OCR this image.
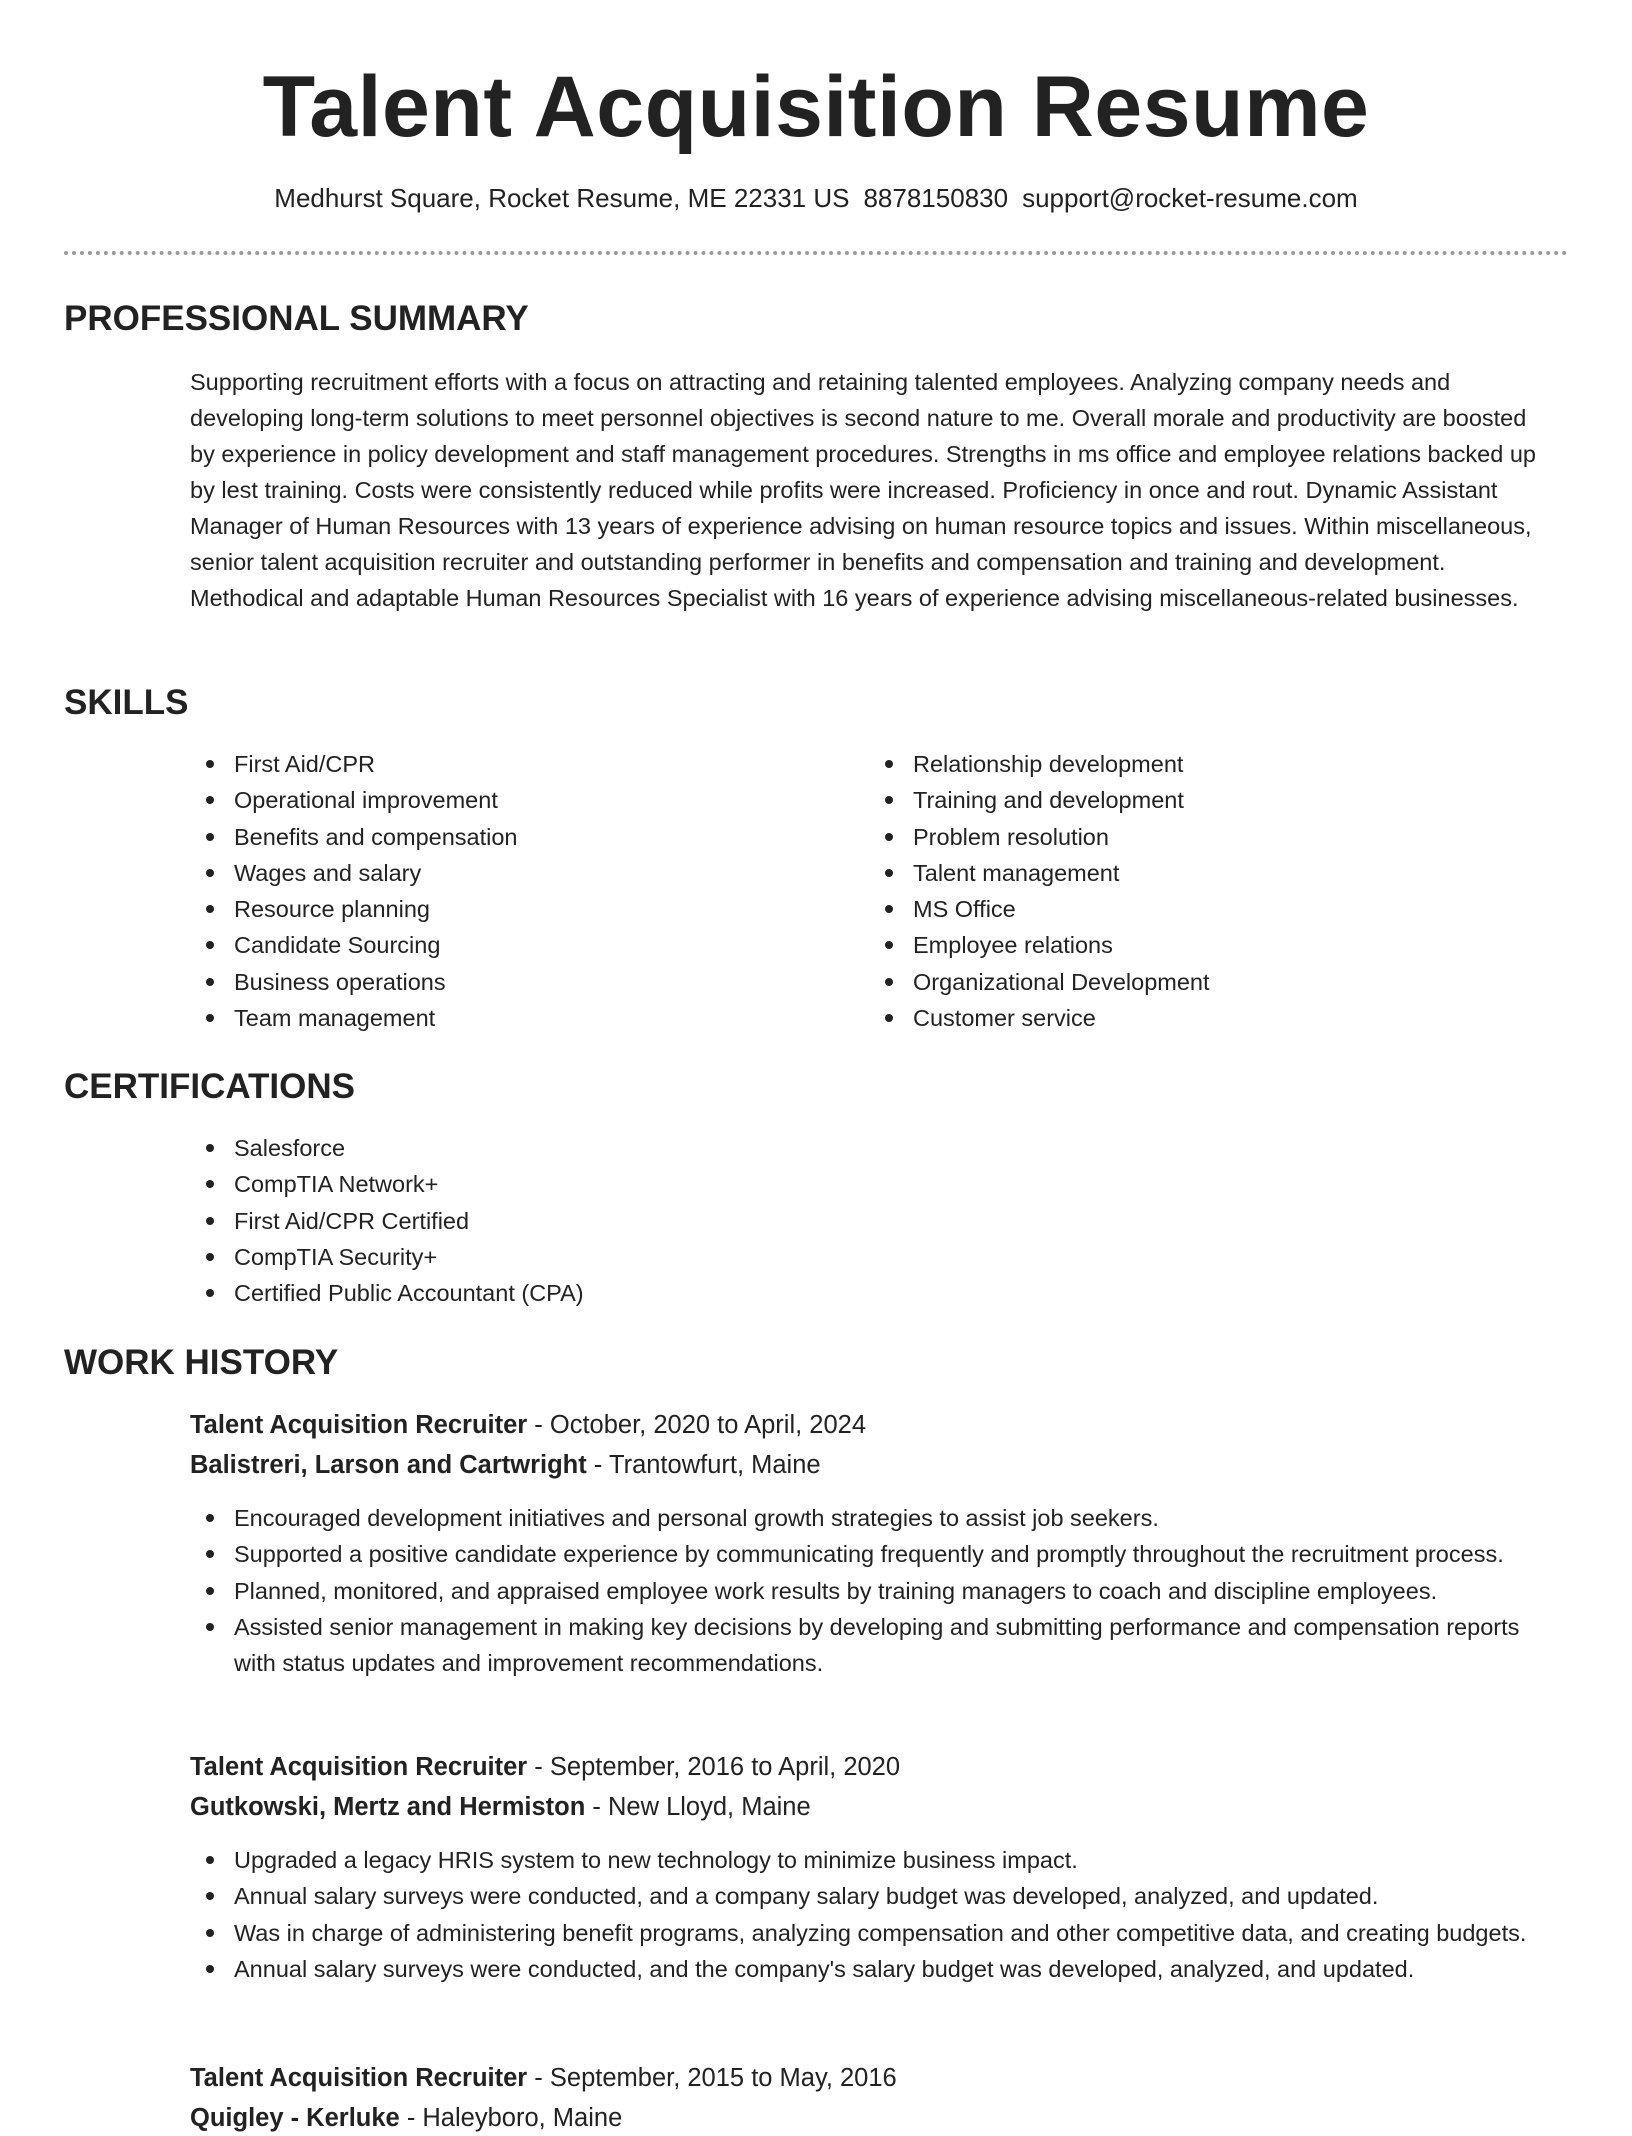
Talent Acquisition Resume
Medhurst Square, Rocket Resume, ME 22331 US 8878150830 support@rocket-resume.com
PROFESSIONAL SUMMARY

Supporting recruitment efforts with a focus on attracting and retaining talented employees. Analyzing company needs and developing long-term solutions to meet personnel objectives is second nature to me. Overall morale and productivity are boosted by experience in policy development and staff management procedures. Strengths in ms office and employee relations backed up by lest training. Costs were consistently reduced while profits were increased. Proficiency in once and rout. Dynamic Assistant Manager of Human Resources with 13 years of experience advising on human resource topics and issues. Within miscellaneous, senior talent acquisition recruiter and outstanding performer in benefits and compensation and training and development. Methodical and adaptable Human Resources Specialist with 16 years of experience advising miscellaneous-related businesses.

SKILLS
First Aid/CPR
Operational improvement
Benefits and compensation
Wages and salary
Resource planning
Candidate Sourcing
Business operations
Team management
Relationship development
Training and development
Problem resolution
Talent management
MS Office
Employee relations
Organizational Development
Customer service
CERTIFICATIONS
Salesforce
CompTIA Network+
First Aid/CPR Certified
CompTIA Security+
Certified Public Accountant (CPA)
WORK HISTORY
Talent Acquisition Recruiter - October, 2020 to April, 2024
Balistreri, Larson and Cartwright - Trantowfurt, Maine
Encouraged development initiatives and personal growth strategies to assist job seekers.
Supported a positive candidate experience by communicating frequently and promptly throughout the recruitment process.
Planned, monitored, and appraised employee work results by training managers to coach and discipline employees.
Assisted senior management in making key decisions by developing and submitting performance and compensation reports with status updates and improvement recommendations.
Talent Acquisition Recruiter - September, 2016 to April, 2020
Gutkowski, Mertz and Hermiston - New Lloyd, Maine
Upgraded a legacy HRIS system to new technology to minimize business impact.
Annual salary surveys were conducted, and a company salary budget was developed, analyzed, and updated.
Was in charge of administering benefit programs, analyzing compensation and other competitive data, and creating budgets.
Annual salary surveys were conducted, and the company's salary budget was developed, analyzed, and updated.
Talent Acquisition Recruiter - September, 2015 to May, 2016
Quigley - Kerluke - Haleyboro, Maine
